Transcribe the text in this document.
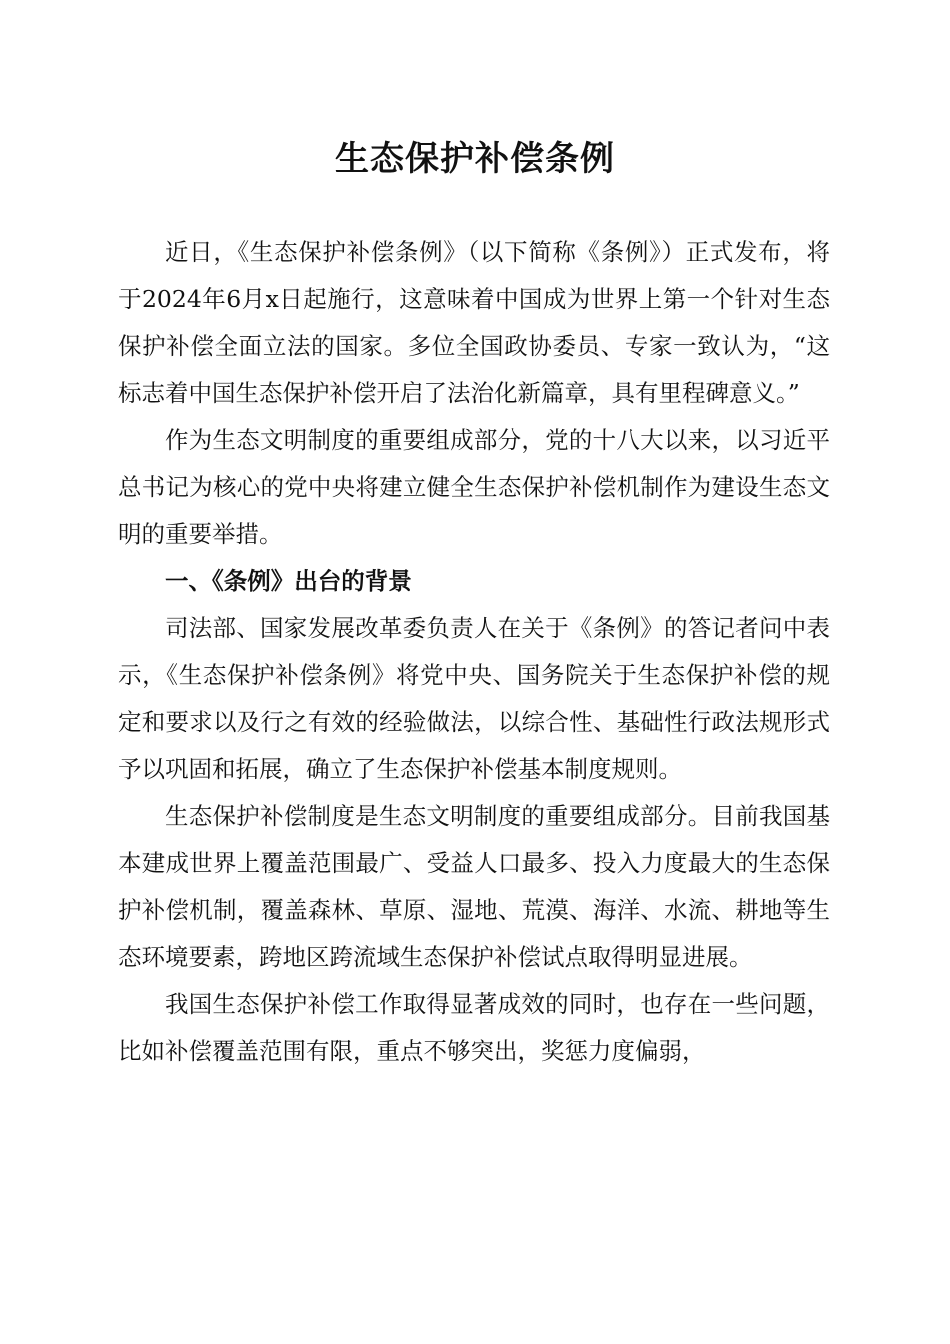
生态保护补偿条例

近日，《生态保护补偿条例》（以下简称《条例》）正式发布，将于2024年6月x日起施行，这意味着中国成为世界上第一个针对生态保护补偿全面立法的国家。多位全国政协委员、专家一致认为，“这标志着中国生态保护补偿开启了法治化新篇章，具有里程碑意义。”

作为生态文明制度的重要组成部分，党的十八大以来，以习近平总书记为核心的党中央将建立健全生态保护补偿机制作为建设生态文明的重要举措。

一、《条例》出台的背景

司法部、国家发展改革委负责人在关于《条例》的答记者问中表示，《生态保护补偿条例》将党中央、国务院关于生态保护补偿的规定和要求以及行之有效的经验做法，以综合性、基础性行政法规形式予以巩固和拓展，确立了生态保护补偿基本制度规则。

生态保护补偿制度是生态文明制度的重要组成部分。目前我国基本建成世界上覆盖范围最广、受益人口最多、投入力度最大的生态保护补偿机制，覆盖森林、草原、湿地、荒漠、海洋、水流、耕地等生态环境要素，跨地区跨流域生态保护补偿试点取得明显进展。

我国生态保护补偿工作取得显著成效的同时，也存在一些问题，比如补偿覆盖范围有限，重点不够突出，奖惩力度偏弱，
